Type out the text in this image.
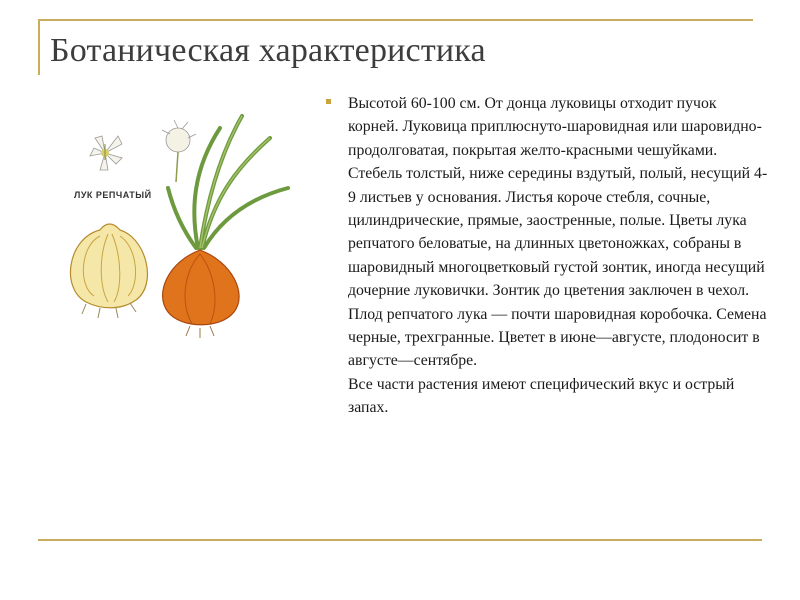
Ботаническая характеристика
ЛУК РЕПЧАТЫЙ

Высотой 60-100 см. От донца луковицы отходит пучок корней. Луковица приплюснуто-шаровидная или шаровидно-продолговатая, покрытая желто-красными чешуйками. Стебель толстый, ниже середины вздутый, полый, несущий 4-9 листьев у основания. Листья короче стебля, сочные, цилиндрические, прямые, заостренные, полые. Цветы лука репчатого беловатые, на длинных цветоножках, собраны в шаровидный многоцветковый густой зонтик, иногда несущий дочерние луковички. Зонтик до цветения заключен в чехол. Плод репчатого лука — почти шаровидная коробочка. Семена черные, трехгранные. Цветет в июне—августе, плодоносит в августе—сентябре.

Все части растения имеют специфический вкус и острый запах.
